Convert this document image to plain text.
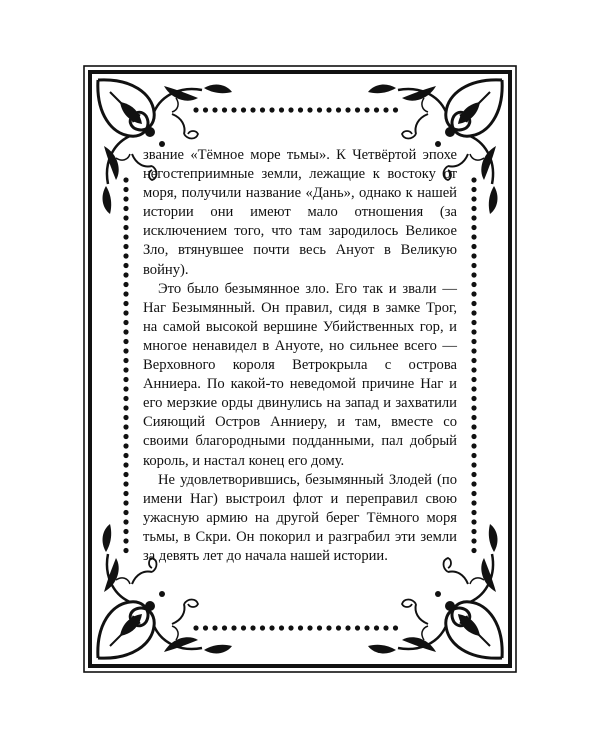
звание «Тёмное море тьмы». К Четвёртой эпохе негостеприимные земли, лежащие к востоку от моря, получили название «Дань», однако к нашей истории они имеют мало отношения (за исключением того, что там зародилось Великое Зло, втянувшее почти весь Ануот в Великую войну).

Это было безымянное зло. Его так и звали — Наг Безымянный. Он правил, сидя в замке Трог, на самой высокой вершине Убийственных гор, и многое ненавидел в Ануоте, но сильнее всего — Верховного короля Ветрокрыла с острова Анниера. По какой-то неведомой причине Наг и его мерзкие орды двинулись на запад и захватили Сияющий Остров Анниеру, и там, вместе со своими благородными подданными, пал добрый король, и настал конец его дому.

Не удовлетворившись, безымянный Злодей (по имени Наг) выстроил флот и переправил свою ужасную армию на другой берег Тёмного моря тьмы, в Скри. Он покорил и разграбил эти земли за девять лет до начала нашей истории.
